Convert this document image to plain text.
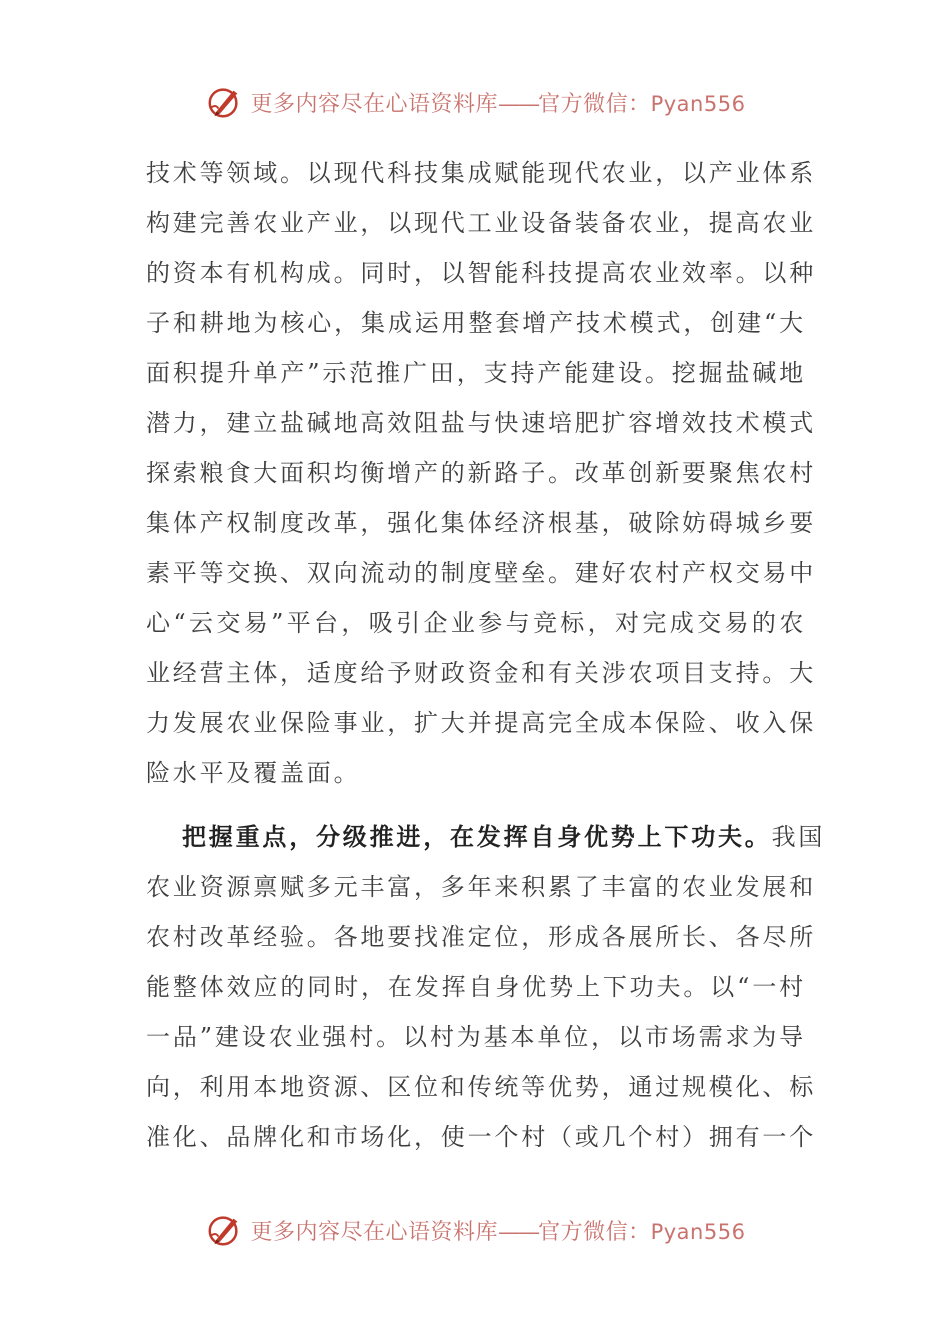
更多内容尽在心语资料库——官方微信：Pyan556
技术等领域。以现代科技集成赋能现代农业，以产业体系
构建完善农业产业，以现代工业设备装备农业，提高农业
的资本有机构成。同时，以智能科技提高农业效率。以种
子和耕地为核心，集成运用整套增产技术模式，创建“大
面积提升单产”示范推广田，支持产能建设。挖掘盐碱地
潜力，建立盐碱地高效阻盐与快速培肥扩容增效技术模式
探索粮食大面积均衡增产的新路子。改革创新要聚焦农村
集体产权制度改革，强化集体经济根基，破除妨碍城乡要
素平等交换、双向流动的制度壁垒。建好农村产权交易中
心“云交易”平台，吸引企业参与竞标，对完成交易的农
业经营主体，适度给予财政资金和有关涉农项目支持。大
力发展农业保险事业，扩大并提高完全成本保险、收入保
险水平及覆盖面。
把握重点，分级推进，在发挥自身优势上下功夫。我国
农业资源禀赋多元丰富，多年来积累了丰富的农业发展和
农村改革经验。各地要找准定位，形成各展所长、各尽所
能整体效应的同时，在发挥自身优势上下功夫。以“一村
一品”建设农业强村。以村为基本单位，以市场需求为导
向，利用本地资源、区位和传统等优势，通过规模化、标
准化、品牌化和市场化，使一个村（或几个村）拥有一个
更多内容尽在心语资料库——官方微信：Pyan556
